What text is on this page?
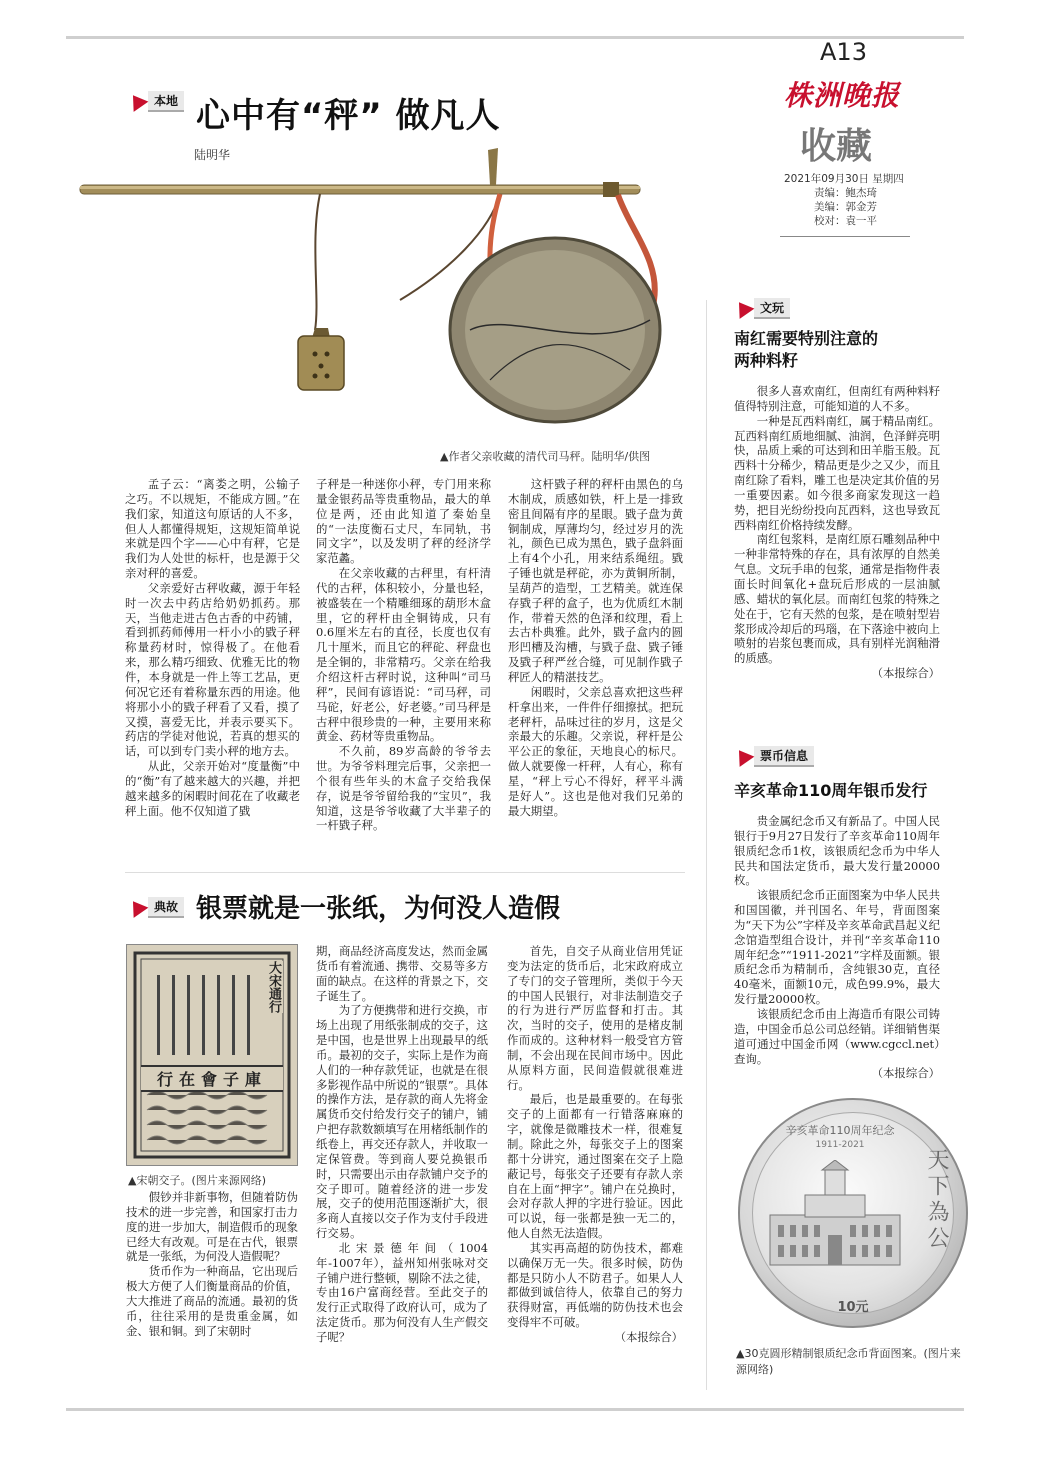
A13
株洲晚报
收藏
2021年09月30日 星期四
责编：鲍杰琦
美编：郭金芳
校对：袁一平
本地 心中有“秤” 做凡人
陆明华
▲作者父亲收藏的清代司马秤。陆明华/供图

孟子云：“离娄之明，公输子之巧。不以规矩，不能成方圆。”在我们家，知道这句原话的人不多，但人人都懂得规矩，这规矩简单说来就是四个字——心中有秤，它是我们为人处世的标杆，也是源于父亲对秤的喜爱。

父亲爱好古秤收藏，源于年轻时一次去中药店给奶奶抓药。那天，当他走进古色古香的中药铺，看到抓药师傅用一杆小小的戥子秤称量药材时，惊得极了。在他看来，那么精巧细致、优雅无比的物件，本身就是一件上等工艺品，更何况它还有着称量东西的用途。他将那小小的戥子秤看了又看，摸了又摸，喜爱无比，并表示要买下。药店的学徒对他说，若真的想买的话，可以到专门卖小秤的地方去。

从此，父亲开始对“度量衡”中的“衡”有了越来越大的兴趣，并把越来越多的闲暇时间花在了收藏老秤上面。他不仅知道了戥

子秤是一种迷你小秤，专门用来称量金银药品等贵重物品，最大的单位是两，还由此知道了秦始皇的“一法度衡石丈尺，车同轨，书同文字”，以及发明了秤的经济学家范蠡。

在父亲收藏的古秤里，有杆清代的古秤，体积较小，分量也轻，被盛装在一个精雕细琢的葫形木盒里，它的秤杆由全铜铸成，只有0.6厘米左右的直径，长度也仅有几十厘米，而且它的秤砣、秤盘也是全铜的，非常精巧。父亲在给我介绍这杆古秤时说，这种叫“司马秤”，民间有谚语说：“司马秤，司马砣，好老公，好老婆。”司马秤是古秤中很珍贵的一种，主要用来称黄金、药材等贵重物品。

不久前，89岁高龄的爷爷去世。为爷爷料理完后事，父亲把一个很有些年头的木盒子交给我保存，说是爷爷留给我的“宝贝”，我知道，这是爷爷收藏了大半辈子的一杆戥子秤。

这杆戥子秤的秤杆由黑色的乌木制成，质感如铁，杆上是一排致密且间隔有序的星眼。戥子盘为黄铜制成，厚薄均匀，经过岁月的洗礼，颜色已成为黑色，戥子盘斜面上有4个小孔，用来结系绳纽。戥子锤也就是秤砣，亦为黄铜所制，呈葫芦的造型，工艺精美。就连保存戥子秤的盒子，也为优质红木制作，带着天然的色泽和纹理，看上去古朴典雅。此外，戥子盒内的圆形凹槽及沟槽，与戥子盘、戥子锤及戥子秤严丝合缝，可见制作戥子秤匠人的精湛技艺。

闲暇时，父亲总喜欢把这些秤杆拿出来，一件件仔细擦拭。把玩老秤杆，品味过往的岁月，这是父亲最大的乐趣。父亲说，秤杆是公平公正的象征，天地良心的标尺。做人就要像一杆秤，人有心，称有星，“秤上亏心不得好，秤平斗满是好人”。这也是他对我们兄弟的最大期望。

典故 银票就是一张纸，为何没人造假
大宋通行
行在會子庫
▲宋朝交子。(图片来源网络)

假钞并非新事物，但随着防伪技术的进一步完善，和国家打击力度的进一步加大，制造假币的现象已经大有改观。可是在古代，银票就是一张纸，为何没人造假呢？

货币作为一种商品，它出现后极大方便了人们衡量商品的价值，大大推进了商品的流通。最初的货币，往往采用的是贵重金属，如金、银和铜。到了宋朝时

期，商品经济高度发达，然而金属货币有着流通、携带、交易等多方面的缺点。在这样的背景之下，交子诞生了。

为了方便携带和进行交换，市场上出现了用纸张制成的交子，这是中国，也是世界上出现最早的纸币。最初的交子，实际上是作为商人们的一种存款凭证，也就是在很多影视作品中所说的“银票”。具体的操作方法，是存款的商人先将金属货币交付给发行交子的铺户，铺户把存款数额填写在用楮纸制作的纸卷上，再交还存款人，并收取一定保管费。等到商人要兑换银币时，只需要出示由存款铺户交予的交子即可。随着经济的进一步发展，交子的使用范围逐渐扩大，很多商人直接以交子作为支付手段进行交易。

北宋景德年间（1004年-1007年），益州知州张咏对交子铺户进行整顿，剔除不法之徒，专由16户富商经营。至此交子的发行正式取得了政府认可，成为了法定货币。那为何没有人生产假交子呢？

首先，自交子从商业信用凭证变为法定的货币后，北宋政府成立了专门的交子管理所，类似于今天的中国人民银行，对非法制造交子的行为进行严厉监督和打击。其次，当时的交子，使用的是楮皮制作而成的。这种材料一般受官方管制，不会出现在民间市场中。因此从原料方面，民间造假就很难进行。

最后，也是最重要的。在每张交子的上面都有一行错落麻麻的字，就像是微雕技术一样，很难复制。除此之外，每张交子上的图案都十分讲究，通过图案在交子上隐蔽记号，每张交子还要有存款人亲自在上面“押字”。铺户在兑换时，会对存款人押的字进行验证。因此可以说，每一张都是独一无二的，他人自然无法造假。

其实再高超的防伪技术，都难以确保万无一失。很多时候，防伪都是只防小人不防君子。如果人人都做到诚信待人，依靠自己的努力获得财富，再低端的防伪技术也会变得牢不可破。

（本报综合）
文玩
南红需要特别注意的
两种料籽

很多人喜欢南红，但南红有两种料籽值得特别注意，可能知道的人不多。

一种是瓦西料南红，属于精品南红。瓦西料南红质地细腻、油润，色泽鲜亮明快，品质上乘的可达到和田羊脂玉般。瓦西料十分稀少，精品更是少之又少，而且南红除了看料，雕工也是决定其价值的另一重要因素。如今很多商家发现这一趋势，把目光纷纷投向瓦西料，这也导致瓦西料南红价格持续发酵。

南红包浆料，是南红原石雕刻品种中一种非常特殊的存在，具有浓厚的自然美气息。文玩手串的包浆，通常是指物件表面长时间氧化+盘玩后形成的一层油腻感、蜡状的氧化层。而南红包浆的特殊之处在于，它有天然的包浆，是在喷射型岩浆形成冷却后的玛瑙，在下落途中被向上喷射的岩浆包裹而成，具有别样光润釉滑的质感。

（本报综合）
票币信息
辛亥革命110周年银币发行

贵金属纪念币又有新品了。中国人民银行于9月27日发行了辛亥革命110周年银质纪念币1枚，该银质纪念币为中华人民共和国法定货币，最大发行量20000枚。

该银质纪念币正面图案为中华人民共和国国徽，并刊国名、年号，背面图案为“天下为公”字样及辛亥革命武昌起义纪念馆造型组合设计，并刊“辛亥革命110周年纪念”“1911-2021”字样及面额。银质纪念币为精制币，含纯银30克，直径40毫米，面额10元，成色99.9%，最大发行量20000枚。

该银质纪念币由上海造币有限公司铸造，中国金币总公司总经销。详细销售渠道可通过中国金币网（www.cgccl.net）查询。

（本报综合）
辛亥革命110周年纪念
1911-2021
天下為公
10元
▲30克圆形精制银质纪念币背面图案。(图片来源网络)
